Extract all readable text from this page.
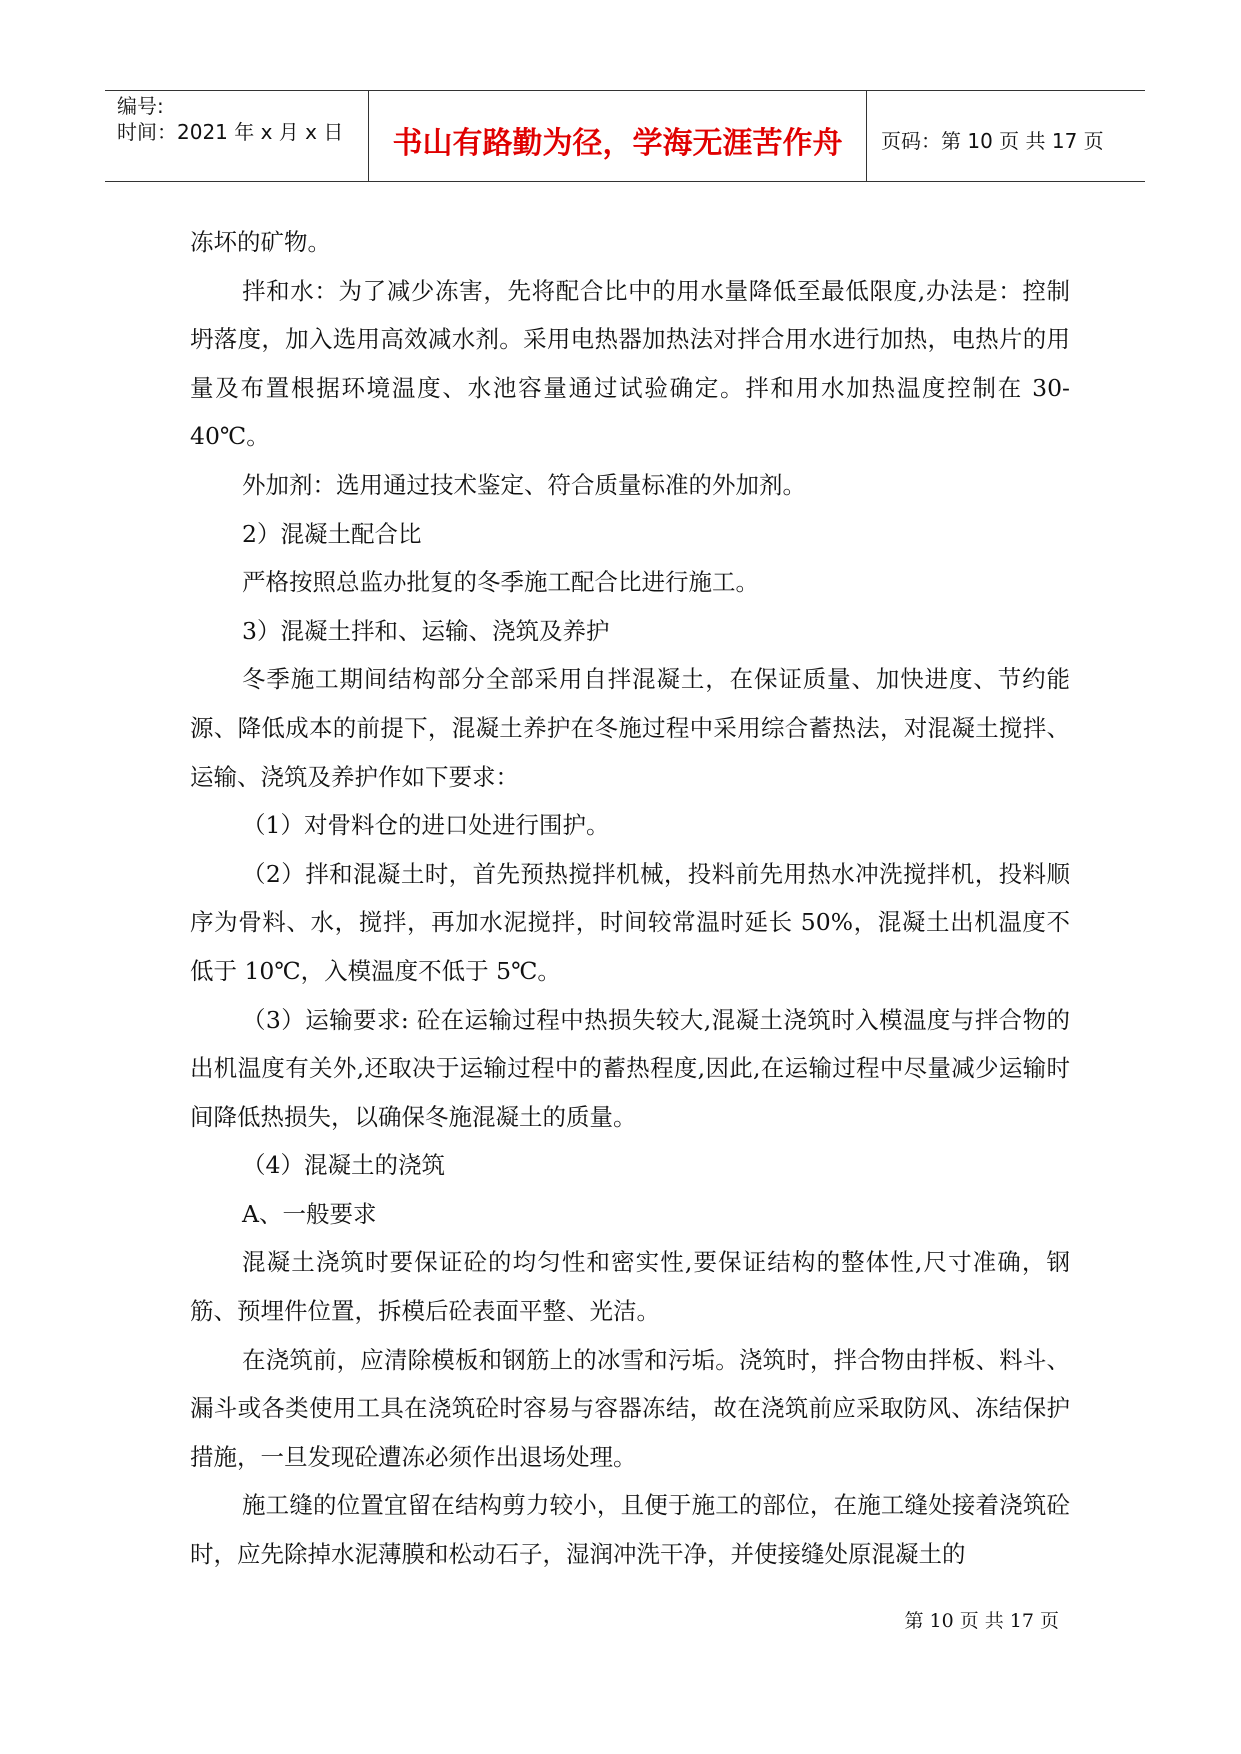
编号:
时间：2021 年 x 月 x 日	书山有路勤为径，学海无涯苦作舟	页码：第 10 页 共 17 页

冻坏的矿物。

拌和水：为了减少冻害，先将配合比中的用水量降低至最低限度,办法是：控制坍落度，加入选用高效减水剂。采用电热器加热法对拌合用水进行加热，电热片的用量及布置根据环境温度、水池容量通过试验确定。拌和用水加热温度控制在 30-40℃。

外加剂：选用通过技术鉴定、符合质量标准的外加剂。

2）混凝土配合比

严格按照总监办批复的冬季施工配合比进行施工。

3）混凝土拌和、运输、浇筑及养护

冬季施工期间结构部分全部采用自拌混凝土，在保证质量、加快进度、节约能源、降低成本的前提下，混凝土养护在冬施过程中采用综合蓄热法，对混凝土搅拌、运输、浇筑及养护作如下要求：

（1）对骨料仓的进口处进行围护。

（2）拌和混凝土时，首先预热搅拌机械，投料前先用热水冲洗搅拌机，投料顺序为骨料、水，搅拌，再加水泥搅拌，时间较常温时延长 50%，混凝土出机温度不低于 10℃，入模温度不低于 5℃。

（3）运输要求: 砼在运输过程中热损失较大,混凝土浇筑时入模温度与拌合物的出机温度有关外,还取决于运输过程中的蓄热程度,因此,在运输过程中尽量减少运输时间降低热损失，以确保冬施混凝土的质量。

（4）混凝土的浇筑

A、一般要求

混凝土浇筑时要保证砼的均匀性和密实性,要保证结构的整体性,尺寸准确，钢筋、预埋件位置，拆模后砼表面平整、光洁。

在浇筑前，应清除模板和钢筋上的冰雪和污垢。浇筑时，拌合物由拌板、料斗、漏斗或各类使用工具在浇筑砼时容易与容器冻结，故在浇筑前应采取防风、冻结保护措施，一旦发现砼遭冻必须作出退场处理。

施工缝的位置宜留在结构剪力较小，且便于施工的部位，在施工缝处接着浇筑砼时，应先除掉水泥薄膜和松动石子，湿润冲洗干净，并使接缝处原混凝土的

第 10 页 共 17 页
